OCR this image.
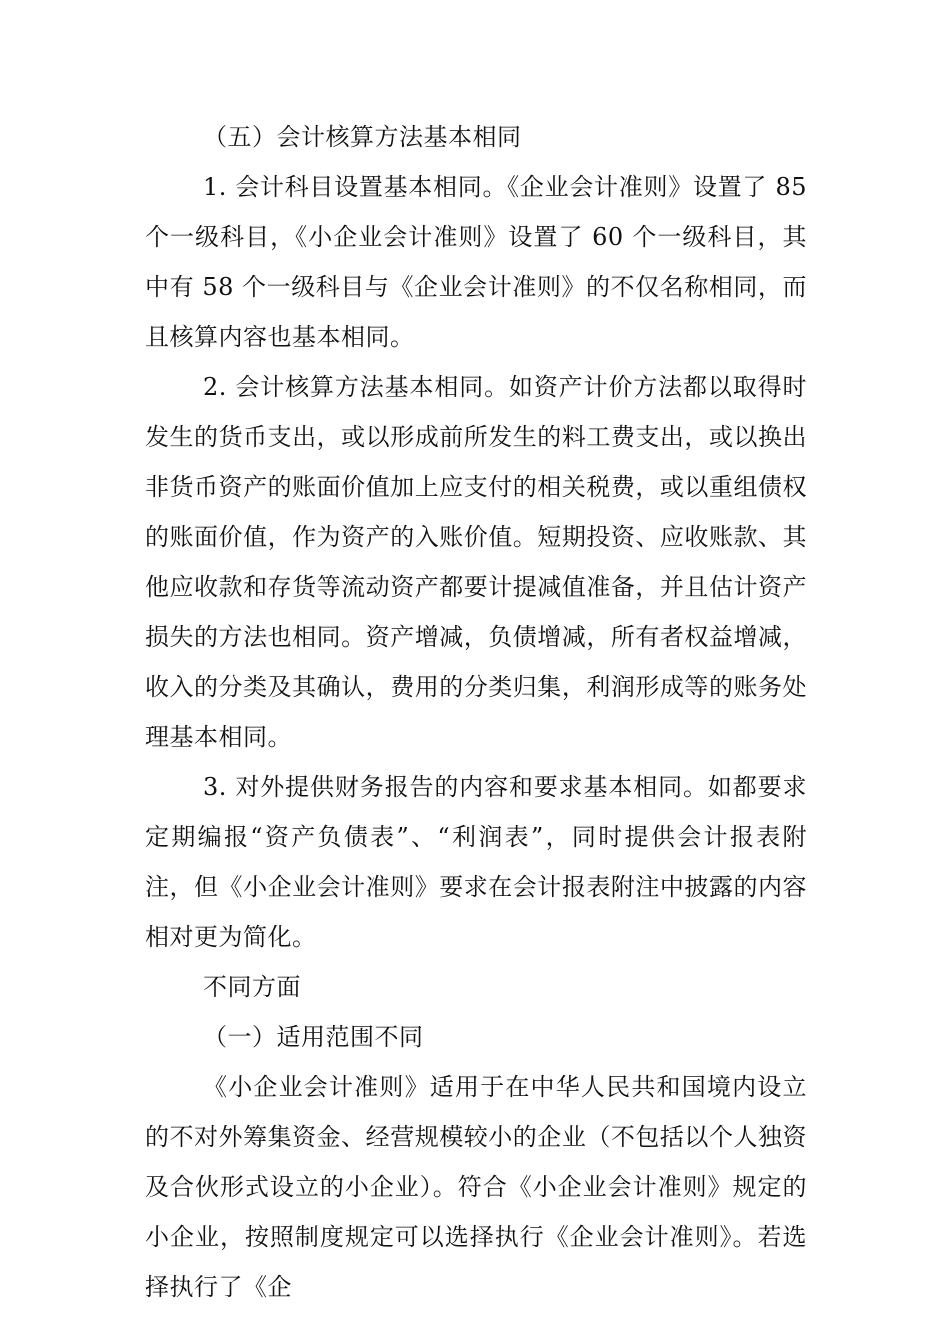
（五）会计核算方法基本相同

1. 会计科目设置基本相同。《企业会计准则》设置了 85 个一级科目，《小企业会计准则》设置了 60 个一级科目，其中有 58 个一级科目与《企业会计准则》的不仅名称相同，而且核算内容也基本相同。

2. 会计核算方法基本相同。如资产计价方法都以取得时发生的货币支出，或以形成前所发生的料工费支出，或以换出非货币资产的账面价值加上应支付的相关税费，或以重组债权的账面价值，作为资产的入账价值。短期投资、应收账款、其他应收款和存货等流动资产都要计提减值准备，并且估计资产损失的方法也相同。资产增减，负债增减，所有者权益增减，收入的分类及其确认，费用的分类归集，利润形成等的账务处理基本相同。

3. 对外提供财务报告的内容和要求基本相同。如都要求定期编报“资产负债表”、“利润表”，同时提供会计报表附注，但《小企业会计准则》要求在会计报表附注中披露的内容相对更为简化。

不同方面

（一）适用范围不同

《小企业会计准则》适用于在中华人民共和国境内设立的不对外筹集资金、经营规模较小的企业（不包括以个人独资及合伙形式设立的小企业）。符合《小企业会计准则》规定的小企业，按照制度规定可以选择执行《企业会计准则》。若选择执行了《企
